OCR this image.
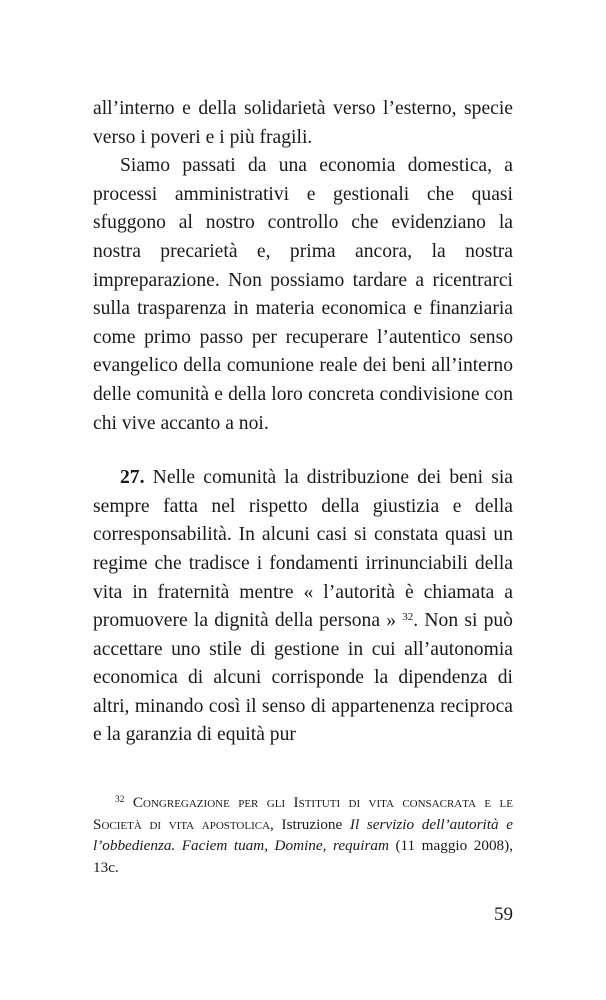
all’interno e della solidarietà verso l’esterno, specie verso i poveri e i più fragili.

Siamo passati da una economia domestica, a processi amministrativi e gestionali che quasi sfuggono al nostro controllo che evidenziano la nostra precarietà e, prima ancora, la nostra impreparazione. Non possiamo tardare a ricentrarci sulla trasparenza in materia economica e finanziaria come primo passo per recuperare l’autentico senso evangelico della comunione reale dei beni all’interno delle comunità e della loro concreta condivisione con chi vive accanto a noi.

27. Nelle comunità la distribuzione dei beni sia sempre fatta nel rispetto della giustizia e della corresponsabilità. In alcuni casi si constata quasi un regime che tradisce i fondamenti irrinunciabili della vita in fraternità mentre « l’autorità è chiamata a promuovere la dignità della persona » $^{32}$. Non si può accettare uno stile di gestione in cui all’autonomia economica di alcuni corrisponde la dipendenza di altri, minando così il senso di appartenenza reciproca e la garanzia di equità pur

$^{32}$ Congregazione per gli Istituti di vita consacrata e le Società di vita apostolica, Istruzione Il servizio dell’autorità e l’obbedienza. Faciem tuam, Domine, requiram (11 maggio 2008), 13c.

59
